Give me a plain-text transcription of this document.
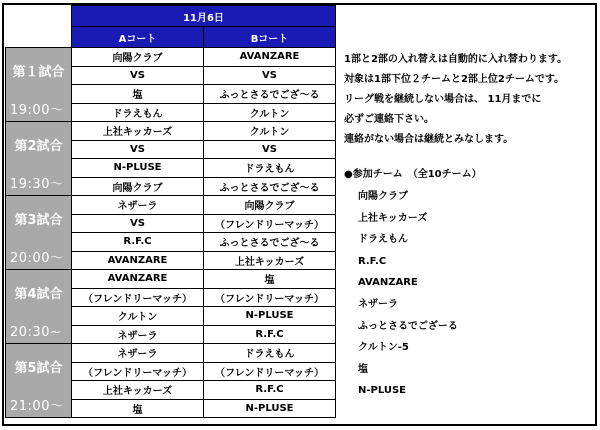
	11月6日	
	Aコート	Bコート

第１試合
19:00～	向陽クラブ	AVANZARE
	VS	VS
	塩	ふっとさるでござ～る
	ドラえもん	クルトン

第2試合
19:30～	上社キッカーズ	クルトン
	VS	VS
	N-PLUSE	ドラえもん
	向陽クラブ	ふっとさるでござ～る

第3試合
20:00～	ネザーラ	向陽クラブ
	VS	（フレンドリーマッチ）
	R.F.C	ふっとさるでござ～る
	AVANZARE	上社キッカーズ

第4試合
20:30~	AVANZARE	塩
	（フレンドリーマッチ）	（フレンドリーマッチ）
	クルトン	N-PLUSE
	ネザーラ	R.F.C

第5試合
21:00～	ネザーラ	ドラえもん
	（フレンドリーマッチ）	（フレンドリーマッチ）
	上社キッカーズ	R.F.C
	塩	N-PLUSE
1部と2部の入れ替えは自動的に入れ替わります。
対象は1部下位２チームと2部上位2チームです。
リーグ戦を継続しない場合は、 11月までに
必ずご連絡下さい。
連絡がない場合は継続とみなします。
●参加チーム　（全10チーム）
向陽クラブ
上社キッカーズ
ドラえもん
R.F.C
AVANZARE
ネザーラ
ふっとさるでござーる
クルトン-5
塩
N-PLUSE
